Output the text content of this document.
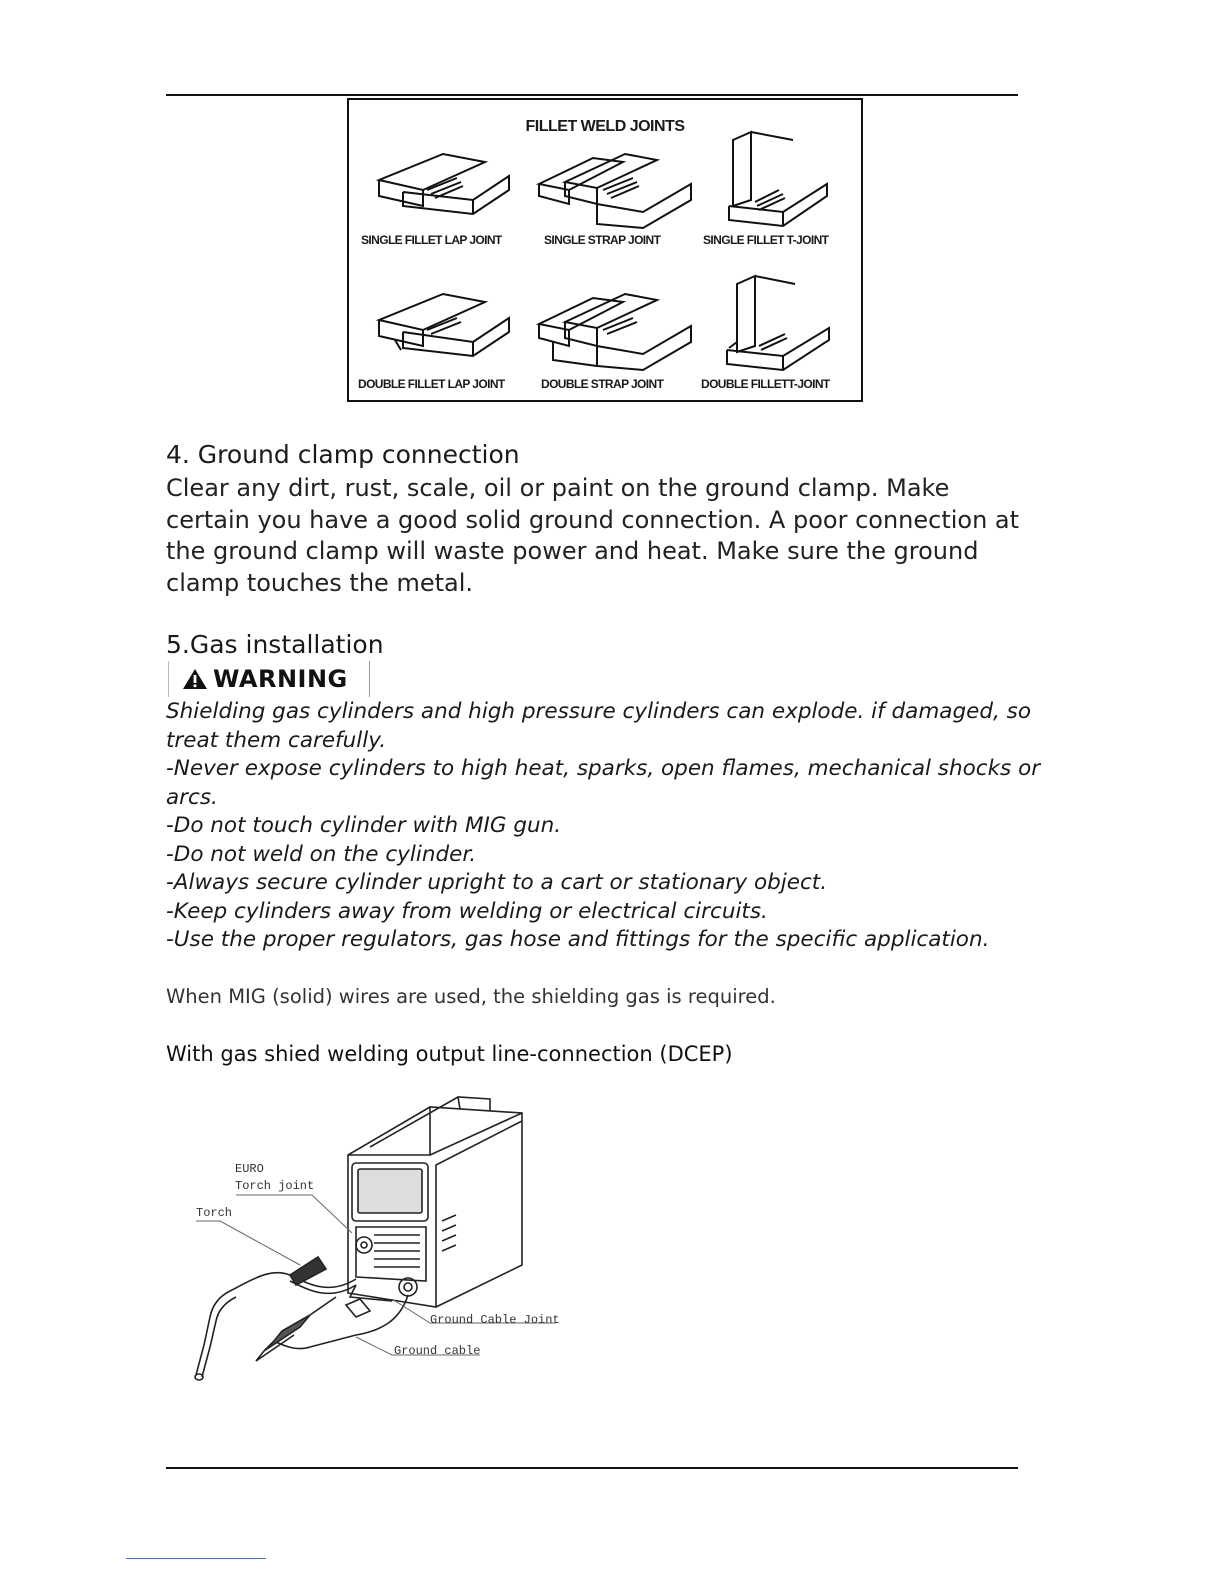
FILLET WELD JOINTS
SINGLE FILLET LAP JOINT	SINGLE STRAP JOINT	SINGLE FILLET T-JOINT
DOUBLE FILLET LAP JOINT	DOUBLE STRAP JOINT	DOUBLE FILLETT-JOINT
4. Ground clamp connection
Clear any dirt, rust, scale, oil or paint on the ground clamp. Make certain you have a good solid ground connection. A poor connection at the ground clamp will waste power and heat. Make sure the ground clamp touches the metal.
5.Gas installation
WARNING
Shielding gas cylinders and high pressure cylinders can explode. if damaged, so treat them carefully.
-Never expose cylinders to high heat, sparks, open flames, mechanical shocks or arcs.
-Do not touch cylinder with MIG gun.
-Do not weld on the cylinder.
-Always secure cylinder upright to a cart or stationary object.
-Keep cylinders away from welding or electrical circuits.
-Use the proper regulators, gas hose and fittings for the specific application.
When MIG (solid) wires are used, the shielding gas is required.
With gas shied welding output line-connection (DCEP)
EURO
Torch joint
Torch
Ground Cable Joint
Ground cable
